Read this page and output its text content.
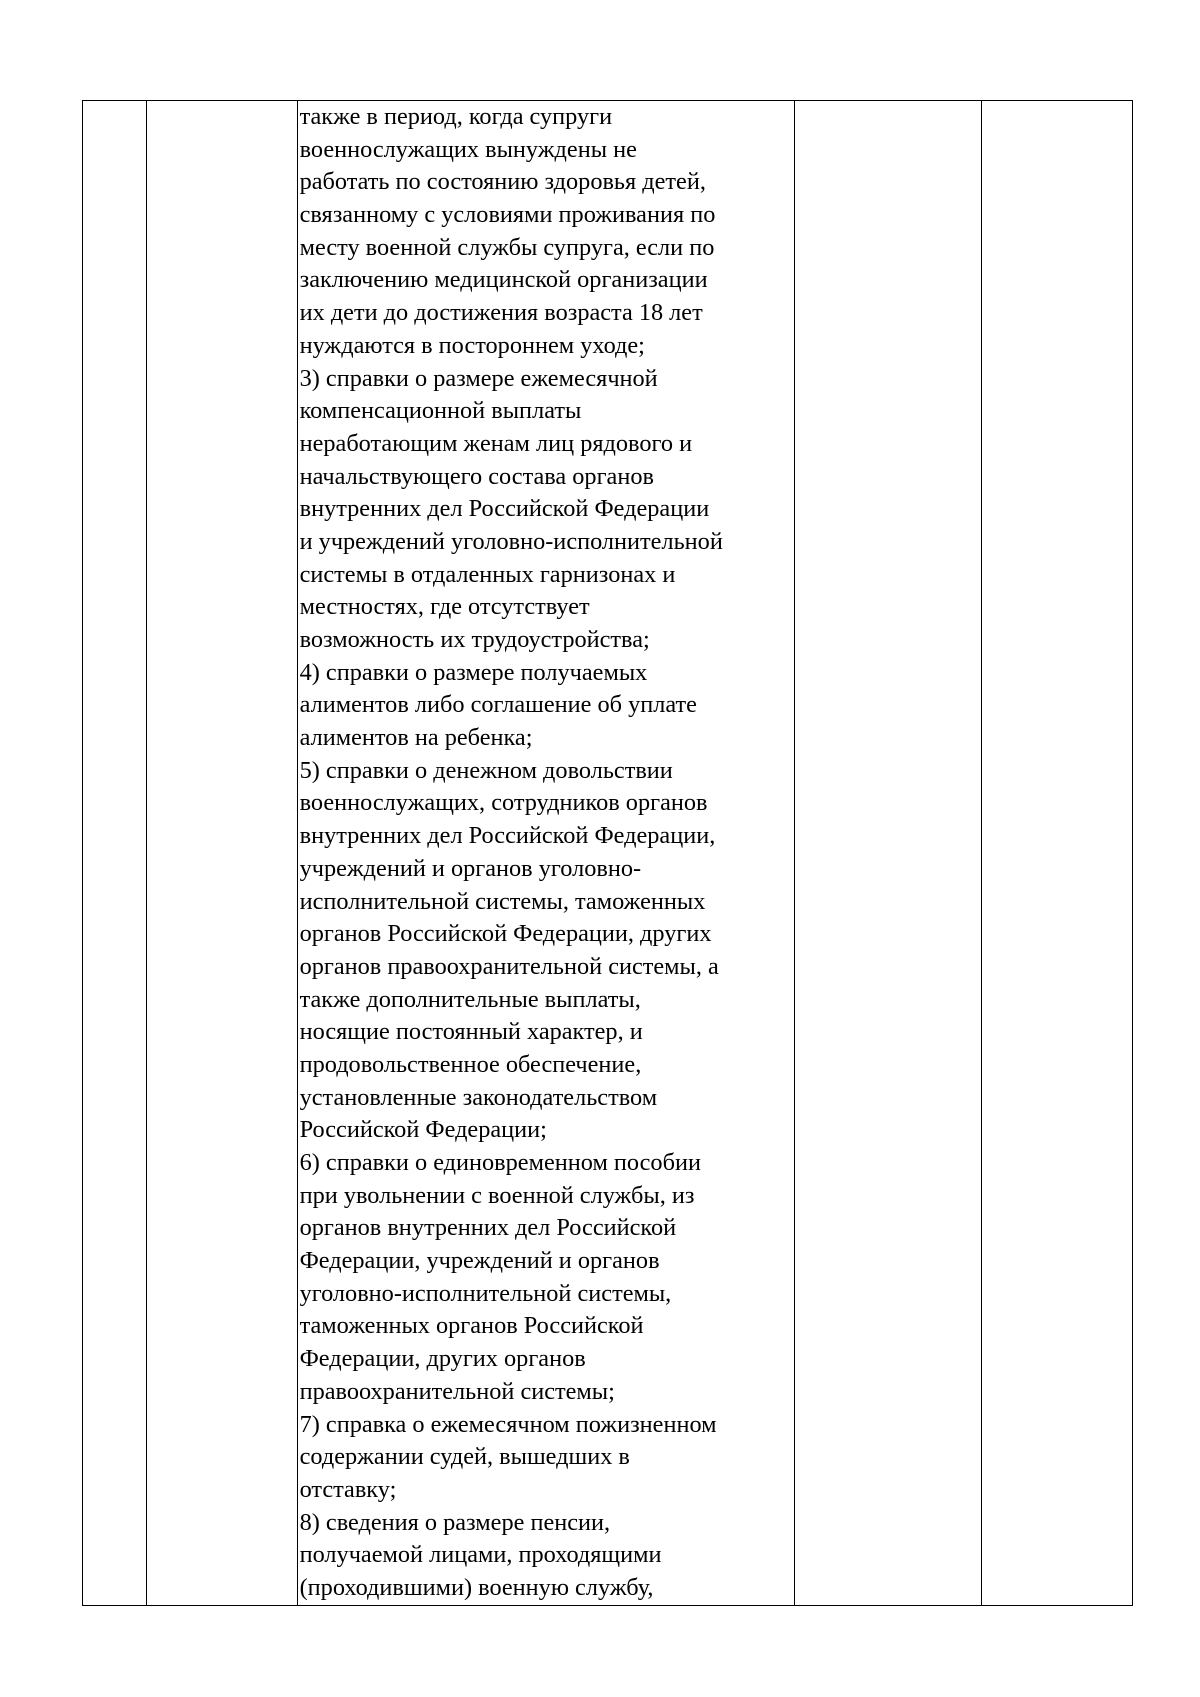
также в период, когда супруги
военнослужащих вынуждены не
работать по состоянию здоровья детей,
связанному с условиями проживания по
месту военной службы супруга, если по
заключению медицинской организации
их дети до достижения возраста 18 лет
нуждаются в постороннем уходе;
3) справки о размере ежемесячной
компенсационной выплаты
неработающим женам лиц рядового и
начальствующего состава органов
внутренних дел Российской Федерации
и учреждений уголовно-исполнительной
системы в отдаленных гарнизонах и
местностях, где отсутствует
возможность их трудоустройства;
4) справки о размере получаемых
алиментов либо соглашение об уплате
алиментов на ребенка;
5) справки о денежном довольствии
военнослужащих, сотрудников органов
внутренних дел Российской Федерации,
учреждений и органов уголовно-
исполнительной системы, таможенных
органов Российской Федерации, других
органов правоохранительной системы, а
также дополнительные выплаты,
носящие постоянный характер, и
продовольственное обеспечение,
установленные законодательством
Российской Федерации;
6) справки о единовременном пособии
при увольнении с военной службы, из
органов внутренних дел Российской
Федерации, учреждений и органов
уголовно-исполнительной системы,
таможенных органов Российской
Федерации, других органов
правоохранительной системы;
7) справка о ежемесячном пожизненном
содержании судей, вышедших в
отставку;
8) сведения о размере пенсии,
получаемой лицами, проходящими
(проходившими) военную службу,
